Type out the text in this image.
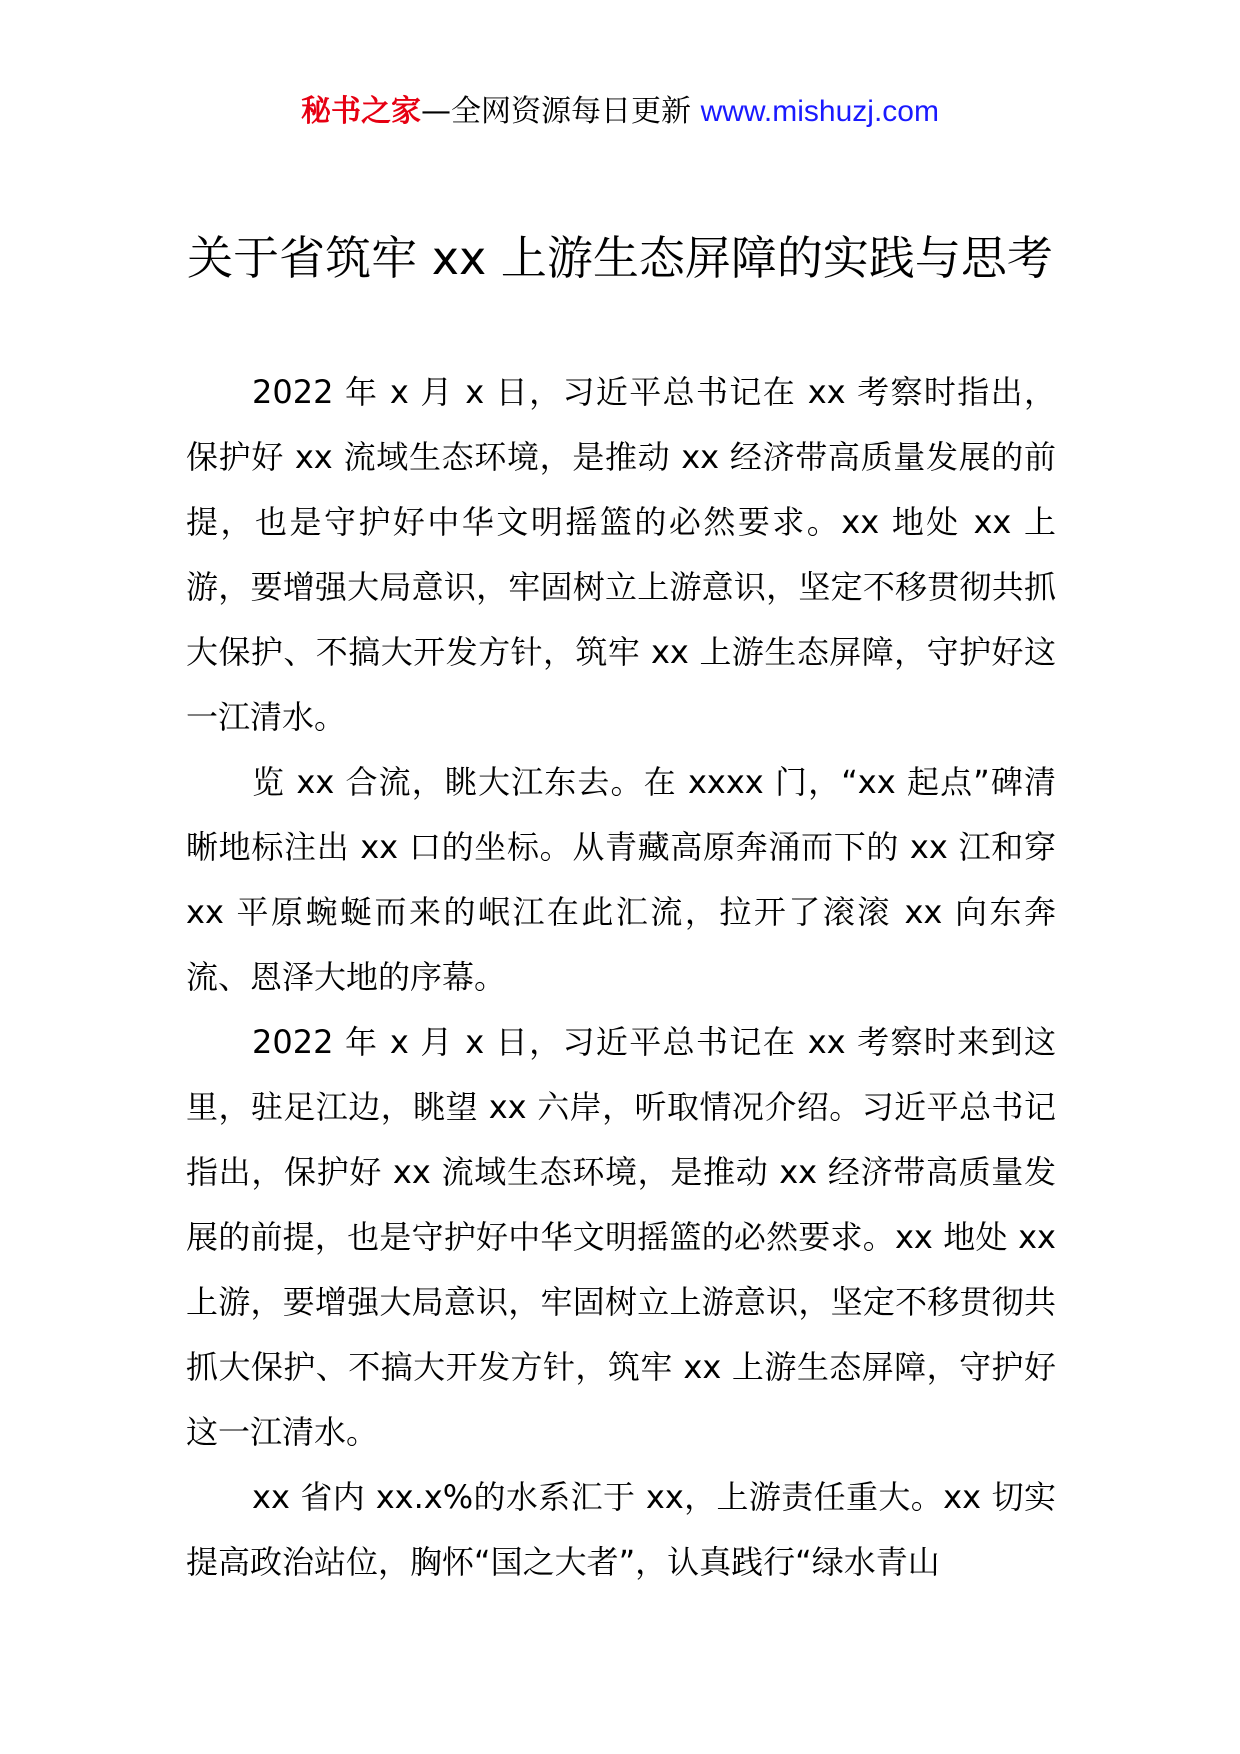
秘书之家—全网资源每日更新 www.mishuzj.com
关于省筑牢 xx 上游生态屏障的实践与思考

2022 年 x 月 x 日，习近平总书记在 xx 考察时指出，保护好 xx 流域生态环境，是推动 xx 经济带高质量发展的前提，也是守护好中华文明摇篮的必然要求。xx 地处 xx 上游，要增强大局意识，牢固树立上游意识，坚定不移贯彻共抓大保护、不搞大开发方针，筑牢 xx 上游生态屏障，守护好这一江清水。

览 xx 合流，眺大江东去。在 xxxx 门，“xx 起点”碑清晰地标注出 xx 口的坐标。从青藏高原奔涌而下的 xx 江和穿 xx 平原蜿蜒而来的岷江在此汇流，拉开了滚滚 xx 向东奔流、恩泽大地的序幕。

2022 年 x 月 x 日，习近平总书记在 xx 考察时来到这里，驻足江边，眺望 xx 六岸，听取情况介绍。习近平总书记指出，保护好 xx 流域生态环境，是推动 xx 经济带高质量发展的前提，也是守护好中华文明摇篮的必然要求。xx 地处 xx 上游，要增强大局意识，牢固树立上游意识，坚定不移贯彻共抓大保护、不搞大开发方针，筑牢 xx 上游生态屏障，守护好这一江清水。

xx 省内 xx.x%的水系汇于 xx，上游责任重大。xx 切实提高政治站位，胸怀“国之大者”，认真践行“绿水青山
